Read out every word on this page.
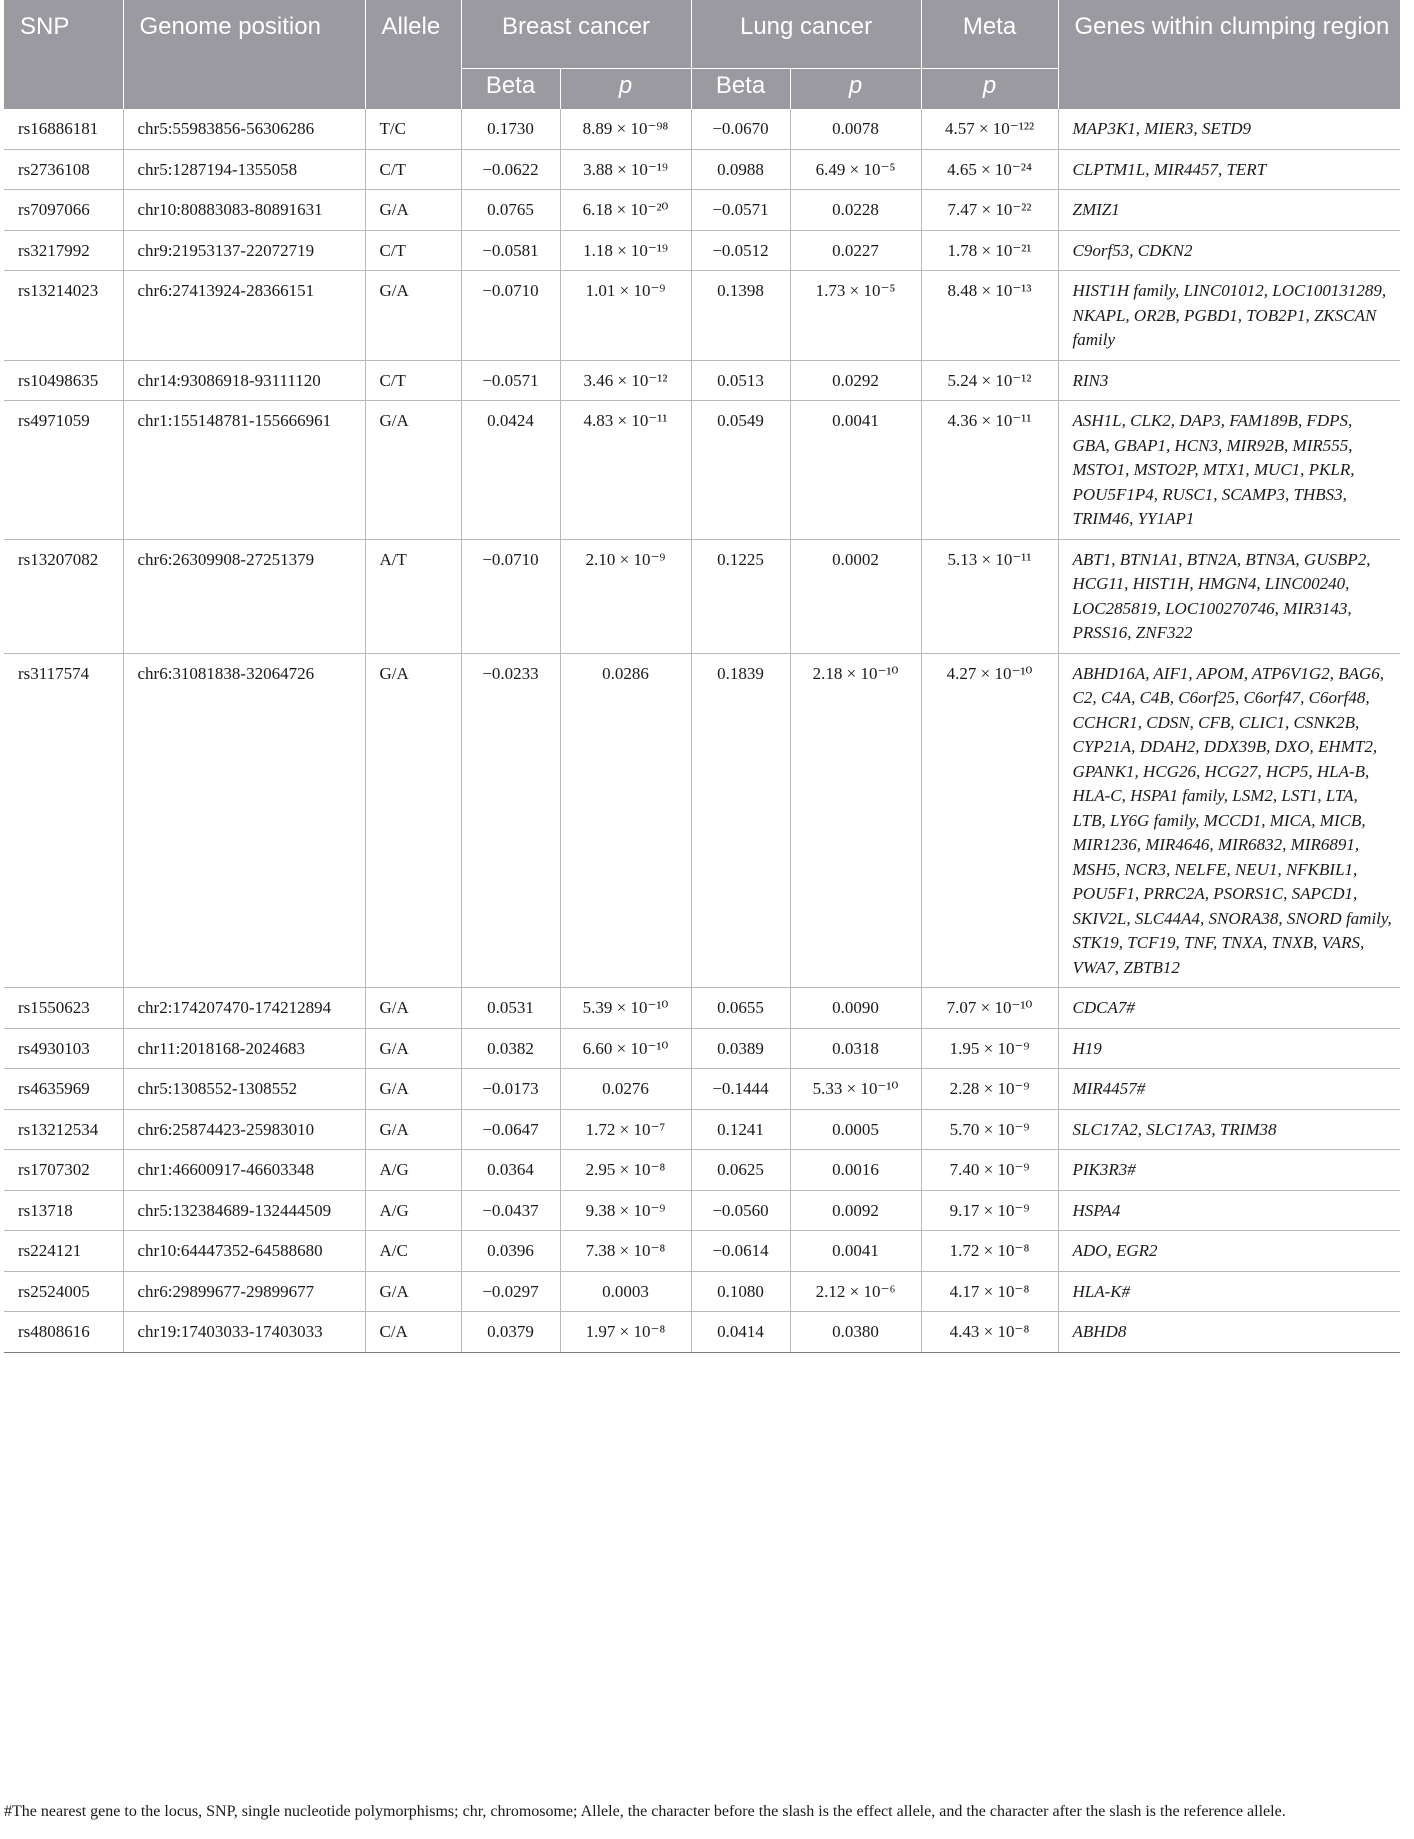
SNP	Genome position	Allele	Breast cancer		Lung cancer		Meta	Genes within clumping region
			Beta	p	Beta	p	p	
rs16886181	chr5:55983856-56306286	T/C	0.1730	8.89 × 10⁻⁹⁸	−0.0670	0.0078	4.57 × 10⁻¹²²	MAP3K1, MIER3, SETD9
rs2736108	chr5:1287194-1355058	C/T	−0.0622	3.88 × 10⁻¹⁹	0.0988	6.49 × 10⁻⁵	4.65 × 10⁻²⁴	CLPTM1L, MIR4457, TERT
rs7097066	chr10:80883083-80891631	G/A	0.0765	6.18 × 10⁻²⁰	−0.0571	0.0228	7.47 × 10⁻²²	ZMIZ1
rs3217992	chr9:21953137-22072719	C/T	−0.0581	1.18 × 10⁻¹⁹	−0.0512	0.0227	1.78 × 10⁻²¹	C9orf53, CDKN2
rs13214023	chr6:27413924-28366151	G/A	−0.0710	1.01 × 10⁻⁹	0.1398	1.73 × 10⁻⁵	8.48 × 10⁻¹³	HIST1H family, LINC01012, LOC100131289, NKAPL, OR2B, PGBD1, TOB2P1, ZKSCAN family
rs10498635	chr14:93086918-93111120	C/T	−0.0571	3.46 × 10⁻¹²	0.0513	0.0292	5.24 × 10⁻¹²	RIN3
rs4971059	chr1:155148781-155666961	G/A	0.0424	4.83 × 10⁻¹¹	0.0549	0.0041	4.36 × 10⁻¹¹	ASH1L, CLK2, DAP3, FAM189B, FDPS, GBA, GBAP1, HCN3, MIR92B, MIR555, MSTO1, MSTO2P, MTX1, MUC1, PKLR, POU5F1P4, RUSC1, SCAMP3, THBS3, TRIM46, YY1AP1
rs13207082	chr6:26309908-27251379	A/T	−0.0710	2.10 × 10⁻⁹	0.1225	0.0002	5.13 × 10⁻¹¹	ABT1, BTN1A1, BTN2A, BTN3A, GUSBP2, HCG11, HIST1H, HMGN4, LINC00240, LOC285819, LOC100270746, MIR3143, PRSS16, ZNF322
rs3117574	chr6:31081838-32064726	G/A	−0.0233	0.0286	0.1839	2.18 × 10⁻¹⁰	4.27 × 10⁻¹⁰	ABHD16A, AIF1, APOM, ATP6V1G2, BAG6, C2, C4A, C4B, C6orf25, C6orf47, C6orf48, CCHCR1, CDSN, CFB, CLIC1, CSNK2B, CYP21A, DDAH2, DDX39B, DXO, EHMT2, GPANK1, HCG26, HCG27, HCP5, HLA-B, HLA-C, HSPA1 family, LSM2, LST1, LTA, LTB, LY6G family, MCCD1, MICA, MICB, MIR1236, MIR4646, MIR6832, MIR6891, MSH5, NCR3, NELFE, NEU1, NFKBIL1, POU5F1, PRRC2A, PSORS1C, SAPCD1, SKIV2L, SLC44A4, SNORA38, SNORD family, STK19, TCF19, TNF, TNXA, TNXB, VARS, VWA7, ZBTB12
rs1550623	chr2:174207470-174212894	G/A	0.0531	5.39 × 10⁻¹⁰	0.0655	0.0090	7.07 × 10⁻¹⁰	CDCA7#
rs4930103	chr11:2018168-2024683	G/A	0.0382	6.60 × 10⁻¹⁰	0.0389	0.0318	1.95 × 10⁻⁹	H19
rs4635969	chr5:1308552-1308552	G/A	−0.0173	0.0276	−0.1444	5.33 × 10⁻¹⁰	2.28 × 10⁻⁹	MIR4457#
rs13212534	chr6:25874423-25983010	G/A	−0.0647	1.72 × 10⁻⁷	0.1241	0.0005	5.70 × 10⁻⁹	SLC17A2, SLC17A3, TRIM38
rs1707302	chr1:46600917-46603348	A/G	0.0364	2.95 × 10⁻⁸	0.0625	0.0016	7.40 × 10⁻⁹	PIK3R3#
rs13718	chr5:132384689-132444509	A/G	−0.0437	9.38 × 10⁻⁹	−0.0560	0.0092	9.17 × 10⁻⁹	HSPA4
rs224121	chr10:64447352-64588680	A/C	0.0396	7.38 × 10⁻⁸	−0.0614	0.0041	1.72 × 10⁻⁸	ADO, EGR2
rs2524005	chr6:29899677-29899677	G/A	−0.0297	0.0003	0.1080	2.12 × 10⁻⁶	4.17 × 10⁻⁸	HLA-K#
rs4808616	chr19:17403033-17403033	C/A	0.0379	1.97 × 10⁻⁸	0.0414	0.0380	4.43 × 10⁻⁸	ABHD8
#The nearest gene to the locus, SNP, single nucleotide polymorphisms; chr, chromosome; Allele, the character before the slash is the effect allele, and the character after the slash is the reference allele.
